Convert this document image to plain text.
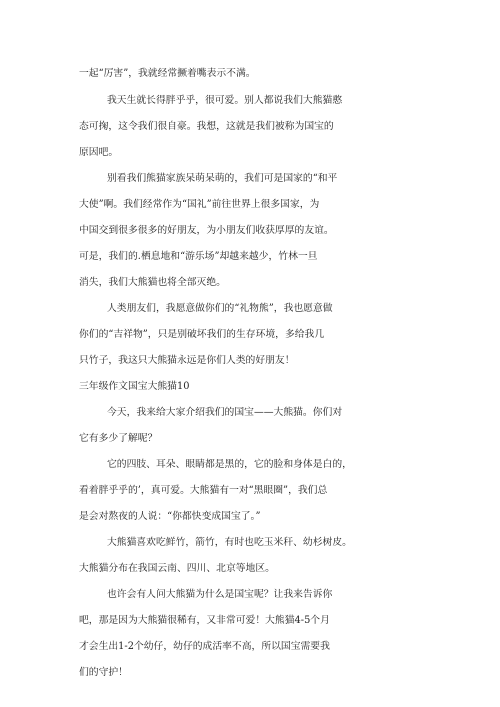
一起“厉害”，我就经常撅着嘴表示不满。
我天生就长得胖乎乎，很可爱。别人都说我们大熊猫憨
态可掬，这令我们很自豪。我想，这就是我们被称为国宝的
原因吧。
别看我们熊猫家族呆萌呆萌的，我们可是国家的“和平
大使”啊。我们经常作为“国礼”前往世界上很多国家，为
中国交到很多很多的好朋友，为小朋友们收获厚厚的友谊。
可是，我们的.栖息地和“游乐场”却越来越少，竹林一旦
消失，我们大熊猫也将全部灭绝。
人类朋友们，我愿意做你们的“礼物熊”，我也愿意做
你们的“吉祥物”，只是别破坏我们的生存环境，多给我几
只竹子，我这只大熊猫永远是你们人类的好朋友！
三年级作文国宝大熊猫10
今天，我来给大家介绍我们的国宝——大熊猫。你们对
它有多少了解呢？
它的四肢、耳朵、眼睛都是黑的，它的脸和身体是白的，
看着胖乎乎的’，真可爱。大熊猫有一对“黑眼圈”，我们总
是会对熬夜的人说：“你都快变成国宝了。”
大熊猫喜欢吃鲜竹，箭竹，有时也吃玉米秆、幼杉树皮。
大熊猫分布在我国云南、四川、北京等地区。
也许会有人问大熊猫为什么是国宝呢？让我来告诉你
吧，那是因为大熊猫很稀有，又非常可爱！大熊猫4-5个月
才会生出1-2个幼仔，幼仔的成活率不高，所以国宝需要我
们的守护！
